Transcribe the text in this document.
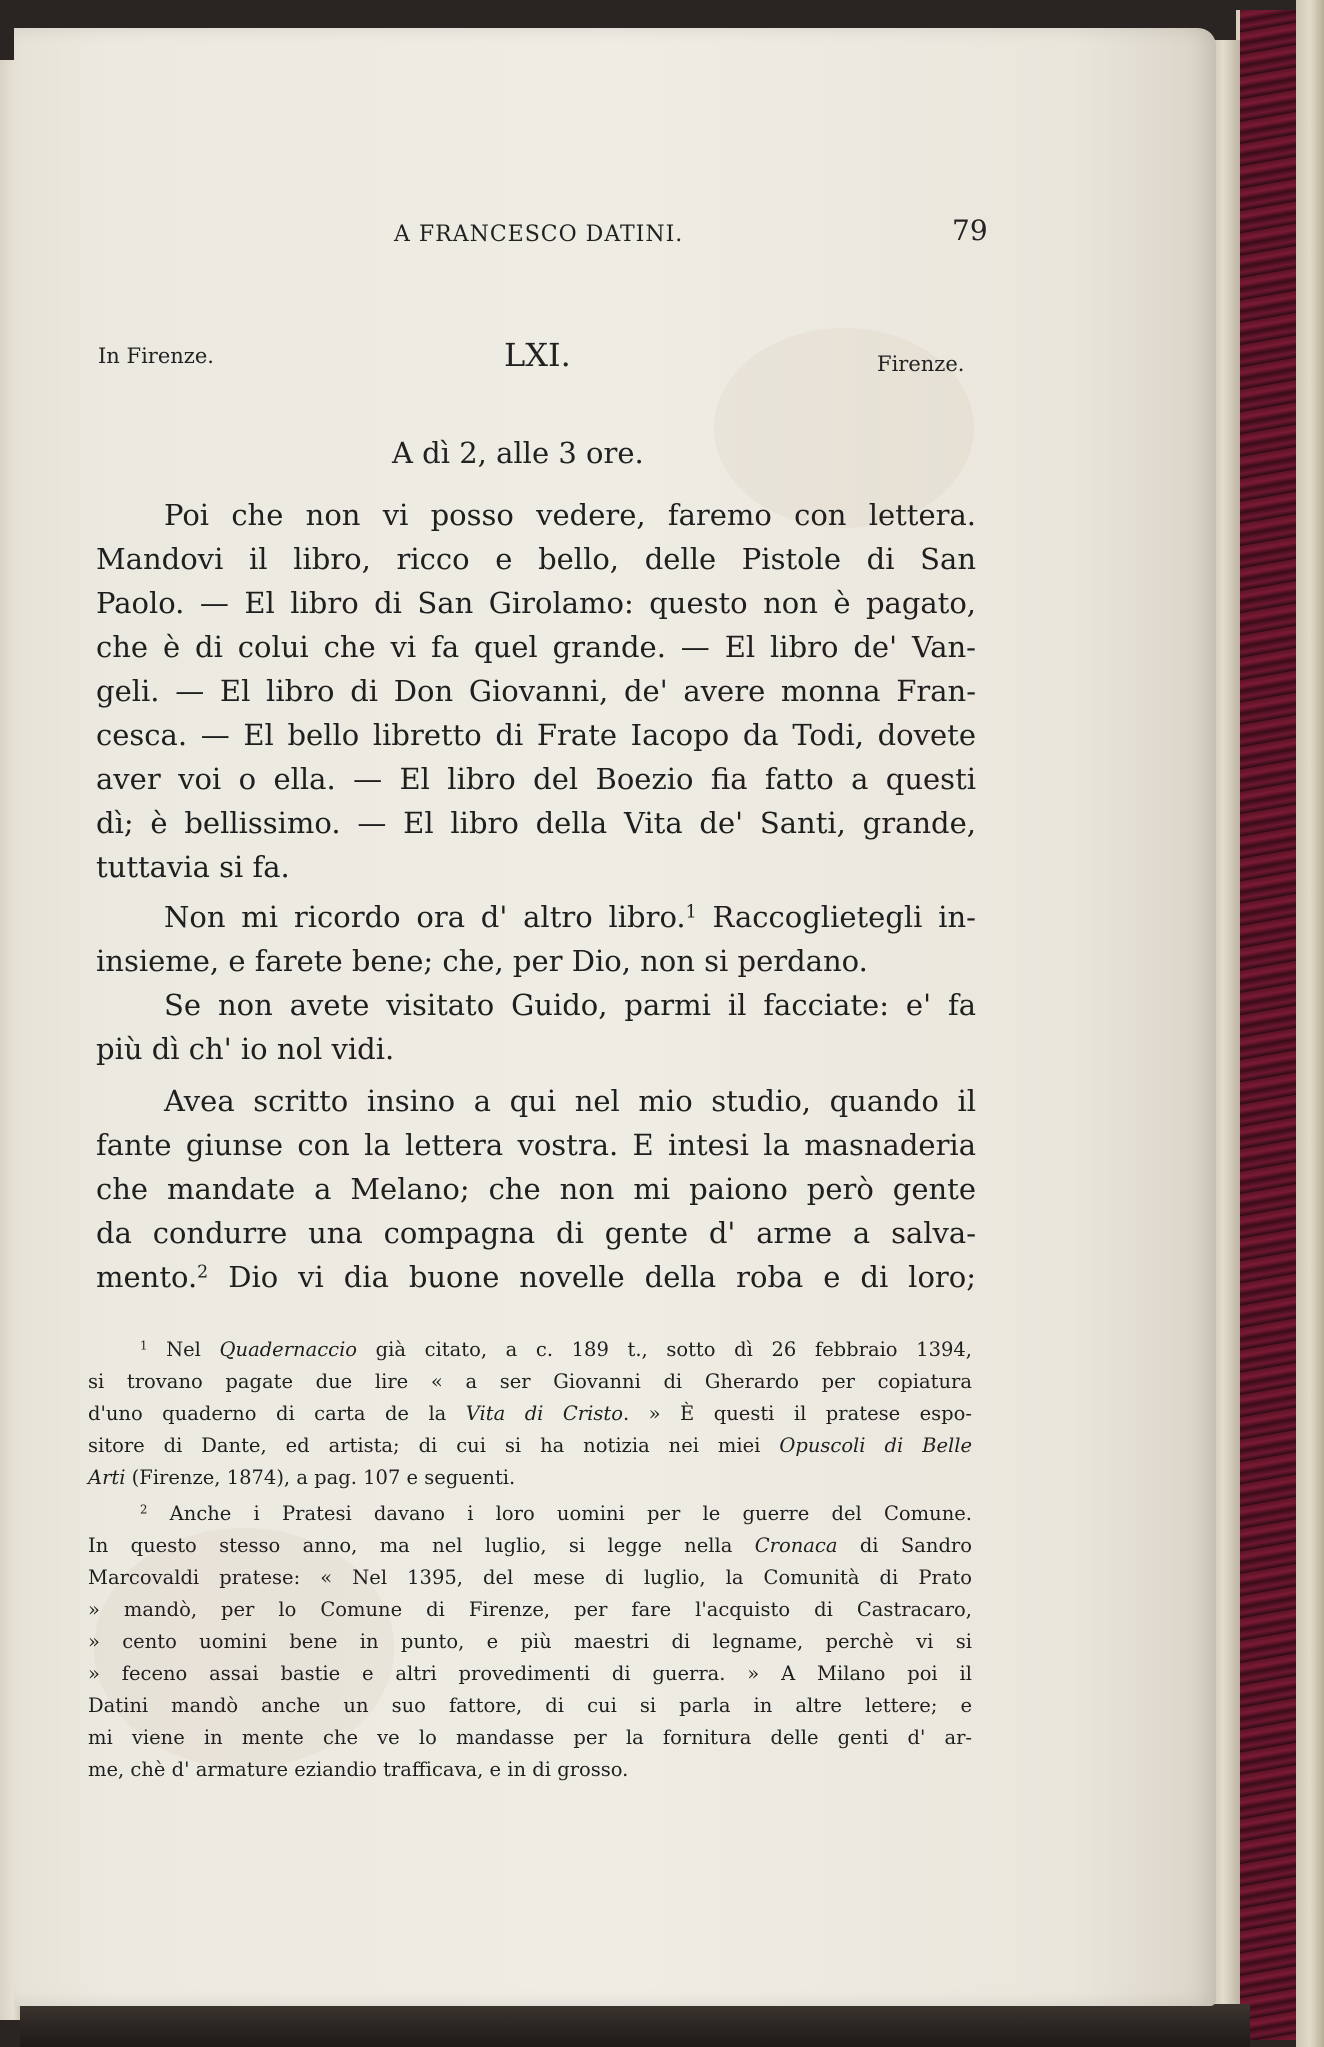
A FRANCESCO DATINI.	79
In Firenze.	LXI.	Firenze.
A dì 2, alle 3 ore.
Poi che non vi posso vedere, faremo con lettera.
Mandovi il libro, ricco e bello, delle Pistole di San
Paolo. — El libro di San Girolamo: questo non è pagato,
che è di colui che vi fa quel grande. — El libro de' Van-
geli. — El libro di Don Giovanni, de' avere monna Fran-
cesca. — El bello libretto di Frate Iacopo da Todi, dovete
aver voi o ella. — El libro del Boezio fia fatto a questi
dì; è bellissimo. — El libro della Vita de' Santi, grande,
tuttavia si fa.
Non mi ricordo ora d' altro libro.$^1$ Raccoglietegli in-
insieme, e farete bene; che, per Dio, non si perdano.
Se non avete visitato Guido, parmi il facciate: e' fa
più dì ch' io nol vidi.
Avea scritto insino a qui nel mio studio, quando il
fante giunse con la lettera vostra. E intesi la masnaderia
che mandate a Melano; che non mi paiono però gente
da condurre una compagna di gente d' arme a salva-
mento.$^2$ Dio vi dia buone novelle della roba e di loro;
$^1$ Nel Quadernaccio già citato, a c. 189 t., sotto dì 26 febbraio 1394,
si trovano pagate due lire « a ser Giovanni di Gherardo per copiatura
d'uno quaderno di carta de la Vita di Cristo. » È questi il pratese espo-
sitore di Dante, ed artista; di cui si ha notizia nei miei Opuscoli di Belle
Arti (Firenze, 1874), a pag. 107 e seguenti.
$^2$ Anche i Pratesi davano i loro uomini per le guerre del Comune.
In questo stesso anno, ma nel luglio, si legge nella Cronaca di Sandro
Marcovaldi pratese: « Nel 1395, del mese di luglio, la Comunità di Prato
» mandò, per lo Comune di Firenze, per fare l'acquisto di Castracaro,
» cento uomini bene in punto, e più maestri di legname, perchè vi si
» feceno assai bastie e altri provedimenti di guerra. » A Milano poi il
Datini mandò anche un suo fattore, di cui si parla in altre lettere; e
mi viene in mente che ve lo mandasse per la fornitura delle genti d' ar-
me, chè d' armature eziandio trafficava, e in di grosso.
